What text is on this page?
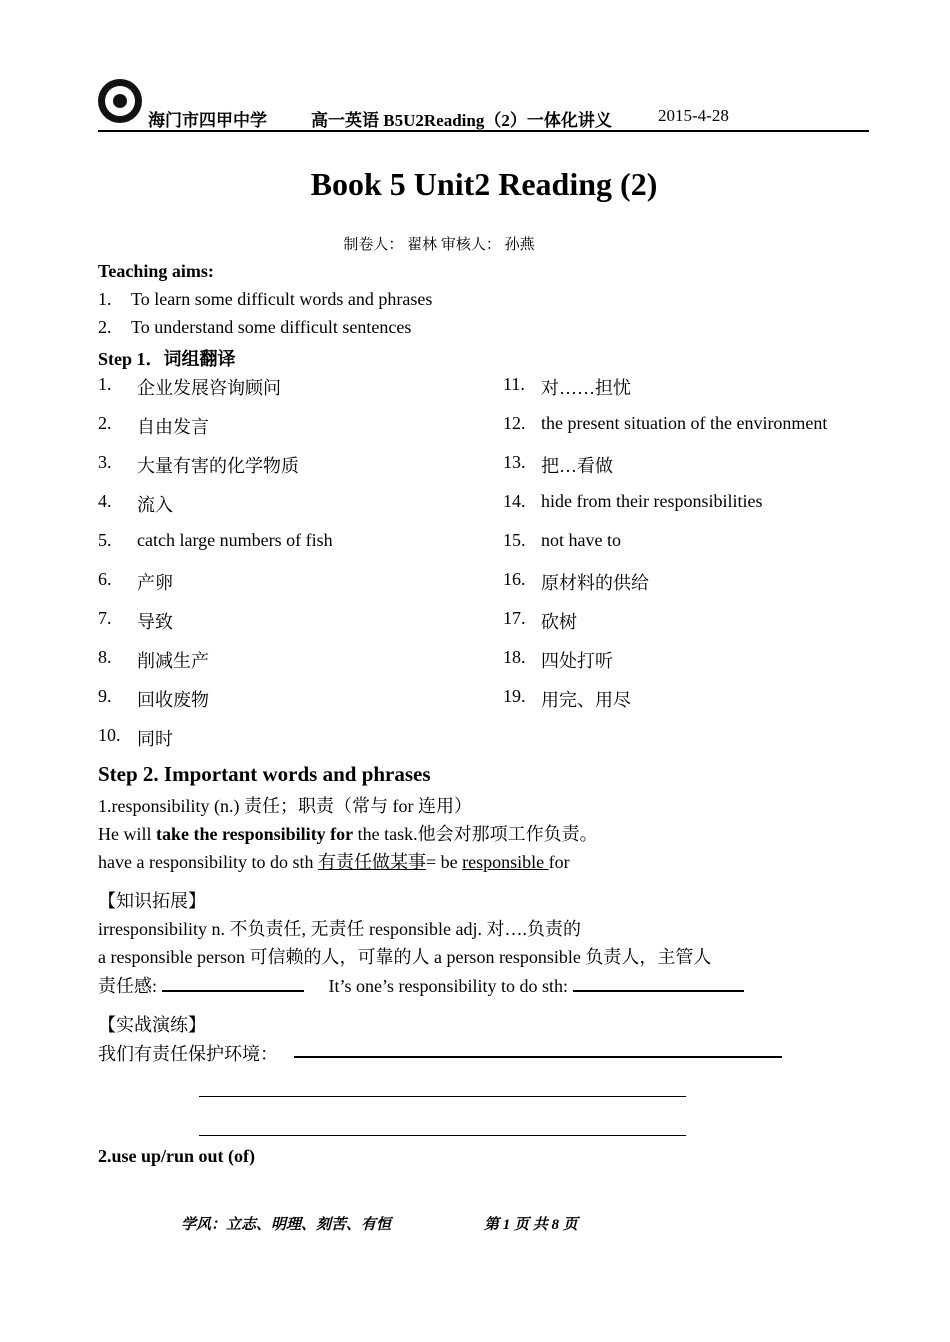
海门市四甲中学	高一英语 B5U2Reading（2）一体化讲义	2015-4-28
Book 5 Unit2 Reading (2)
制卷人： 翟林 审核人： 孙燕
Teaching aims:
1. To learn some difficult words and phrases
2. To understand some difficult sentences
Step 1．词组翻译
1. 企业发展咨询顾问
2. 自由发言
3. 大量有害的化学物质
4. 流入
5. catch large numbers of fish
6. 产卵
7. 导致
8. 削减生产
9. 回收废物
10. 同时
11. 对……担忧
12. the present situation of the environment
13. 把…看做
14. hide from their responsibilities
15. not have to
16. 原材料的供给
17. 砍树
18. 四处打听
19. 用完、用尽
Step 2. Important words and phrases
1.responsibility (n.) 责任；职责（常与 for 连用）
He will take the responsibility for the task.他会对那项工作负责。
have a responsibility to do sth 有责任做某事= be responsible for
【知识拓展】
irresponsibility n. 不负责任, 无责任 responsible adj. 对….负责的
a responsible person 可信赖的人，可靠的人 a person responsible 负责人，主管人
责任感:	It’s one’s responsibility to do sth:
【实战演练】
我们有责任保护环境：
2.use up/run out (of)
学风：立志、明理、刻苦、有恒	第 1 页 共 8 页
